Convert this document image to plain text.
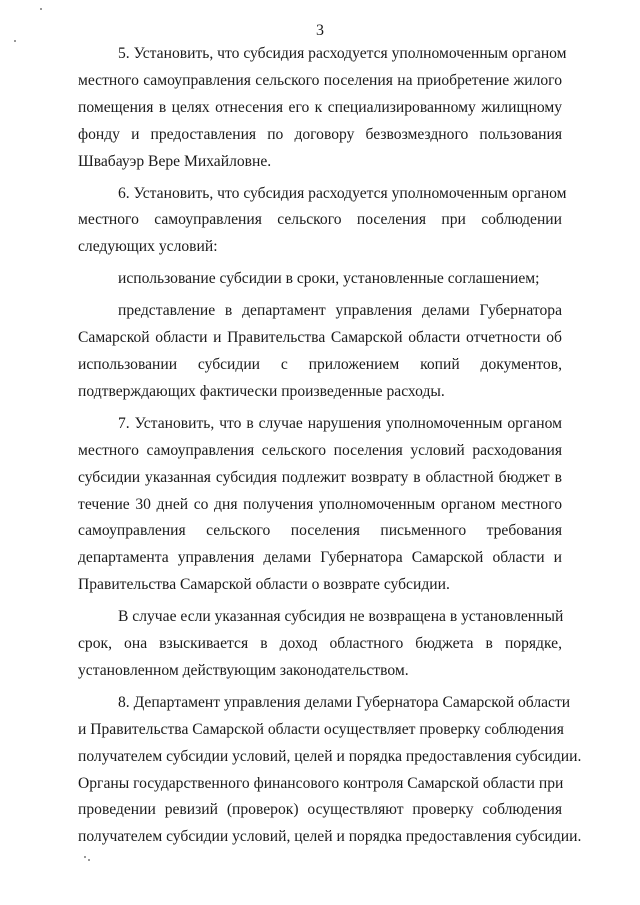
3
5. Установить, что субсидия расходуется уполномоченным органом
местного самоуправления сельского поселения на приобретение жилого
помещения в целях отнесения его к специализированному жилищному
фонду и предоставления по договору безвозмездного пользования
Швабауэр Вере Михайловне.
6. Установить, что субсидия расходуется уполномоченным органом
местного самоуправления сельского поселения при соблюдении
следующих условий:
использование субсидии в сроки, установленные соглашением;
представление в департамент управления делами Губернатора
Самарской области и Правительства Самарской области отчетности об
использовании субсидии с приложением копий документов,
подтверждающих фактически произведенные расходы.
7. Установить, что в случае нарушения уполномоченным органом
местного самоуправления сельского поселения условий расходования
субсидии указанная субсидия подлежит возврату в областной бюджет в
течение 30 дней со дня получения уполномоченным органом местного
самоуправления сельского поселения письменного требования
департамента управления делами Губернатора Самарской области и
Правительства Самарской области о возврате субсидии.
В случае если указанная субсидия не возвращена в установленный
срок, она взыскивается в доход областного бюджета в порядке,
установленном действующим законодательством.
8. Департамент управления делами Губернатора Самарской области
и Правительства Самарской области осуществляет проверку соблюдения
получателем субсидии условий, целей и порядка предоставления субсидии.
Органы государственного финансового контроля Самарской области при
проведении ревизий (проверок) осуществляют проверку соблюдения
получателем субсидии условий, целей и порядка предоставления субсидии.
